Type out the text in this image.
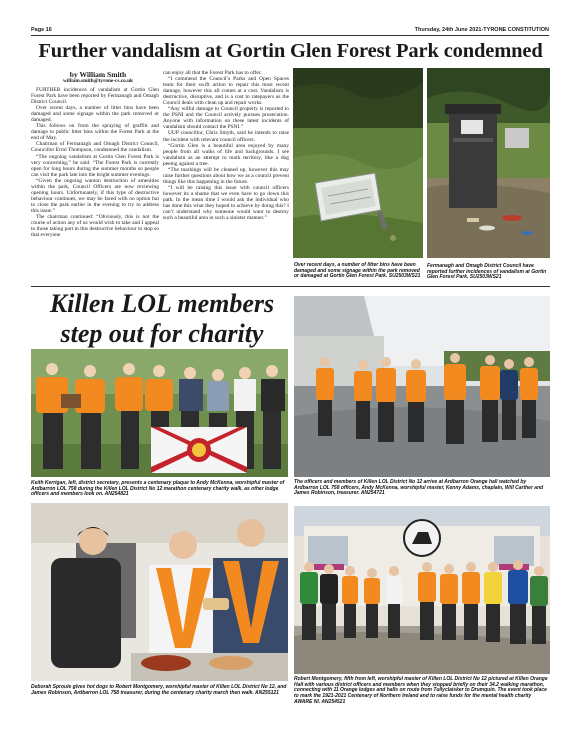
Page 16	Thursday, 24th June 2021-TYRONE CONSTITUTION
Further vandalism at Gortin Glen Forest Park condemned
by William Smith
william.smith@tyrone-cs.co.uk

FURTHER incidences of vandalism at Gortin Glen Forest Park have been reported by Fermanagh and Omagh District Council.

Over recent days, a number of litter bins have been damaged and some signage within the park removed or damaged.

This follows on from the spraying of graffiti and damage to public litter bins within the Forest Park at the end of May.

Chairman of Fermanagh and Omagh District Council, Councillor Errol Thompson, condemned the vandalism.

“The ongoing vandalism at Gortin Glen Forest Park is very concerning,” he said. “The Forest Park is currently open for long hours during the summer months so people can visit the park late into the bright summer evenings.

“Given the ongoing wanton destruction of amenities within the park, Council Officers are now reviewing opening hours. Unfortunately, if this type of destructive behaviour continues, we may be faced with no option but to close the park earlier in the evening to try to address this issue.”

The chairman continued: “Obviously, this is not the course of action any of us would wish to take and I appeal to those taking part in this destructive behaviour to stop so that everyone

can enjoy all that the Forest Park has to offer.

“I commend the Council’s Parks and Open Spaces team for their swift action to repair this most recent damage, however this all comes at a cost. Vandalism is destructive, disruptive, and is a cost to ratepayers as the Council deals with clean up and repair works.

“Any wilful damage to Council property is reported to the PSNI and the Council actively pursues prosecution. Anyone with information on these latest incidents of vandalism should contact the PSNI.”

UUP councillor, Chris Smyth, said he intends to raise the incident with relevant council officers.

“Gortin Glen is a beautiful area enjoyed by many people from all walks of life and backgrounds. I see vandalism as an attempt to mark territory, like a dog peeing against a tree.

“The markings will be cleaned up, however this may raise further questions about how we as a council prevent things like this happening in the future.

“I will be raising this issue with council officers however its a shame that we even have to go down this path. In the mean time I would ask the individual who has done this what they hoped to achieve by doing this? I can’t understand why someone would want to destroy such a beautiful area in such a sinister manner.”

Over recent days, a number of litter bins have been damaged and some signage within the park removed or damaged at Gortin Glen Forest Park. SU2503WS21
Fermanagh and Omagh District Council have reported further incidences of vandalism at Gortin Glen Forest Park. SU2503WS21
Killen LOL members
step out for charity
Keith Kerrigan, left, district secretary, presents a centenary plaque to Andy McKenna, worshipful master of Ardbarron LOL 758 during the Killen LOL District No 12 marathon centenary charity walk, as other lodge officers and members look on. AN254821
The officers and members of Killen LOL District No 12 arrive at Ardbarron Orange hall watched by Ardbarron LOL 758 officers, Andy McKenna, worshipful master, Kenny Adams, chaplain, Will Carther and James Robinson, treasurer. AN254721
Deborah Sproule gives hot dogs to Robert Montgomery, worshipful master of Killen LOL District No 12, and James Robinson, Ardbarron LOL 758 treasurer, during the centenary charity march then walk. AN255121
Robert Montgomery, fifth from left, worshipful master of Killen LOL District No 12 pictured at Killen Orange Hall with various district officers and members when they stopped briefly on their 34.2 walking marathon, connecting with 11 Orange lodges and halls on route from Tullyclaisker to Drumquin. The event took place to mark the 1921-2021 Centenary of Northern Ireland and to raise funds for the mental health charity AWARE NI. AN254521
